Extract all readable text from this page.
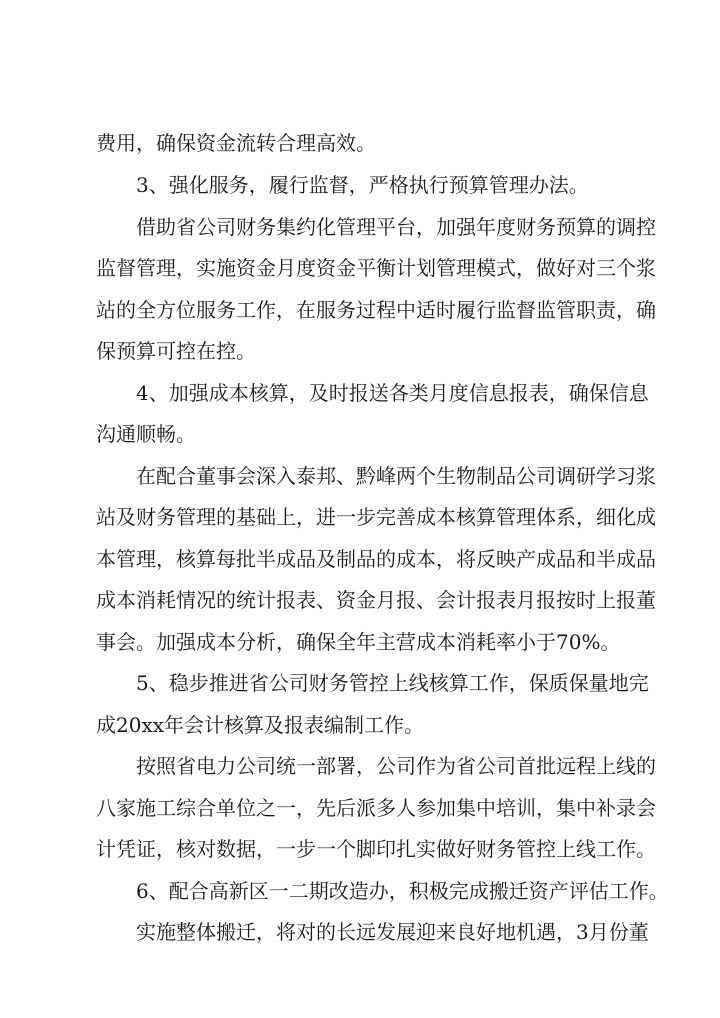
费用，确保资金流转合理高效。

3、强化服务，履行监督，严格执行预算管理办法。

借助省公司财务集约化管理平台，加强年度财务预算的调控

监督管理，实施资金月度资金平衡计划管理模式，做好对三个浆

站的全方位服务工作，在服务过程中适时履行监督监管职责，确

保预算可控在控。

4、加强成本核算，及时报送各类月度信息报表，确保信息

沟通顺畅。

在配合董事会深入泰邦、黔峰两个生物制品公司调研学习浆

站及财务管理的基础上，进一步完善成本核算管理体系，细化成

本管理，核算每批半成品及制品的成本，将反映产成品和半成品

成本消耗情况的统计报表、资金月报、会计报表月报按时上报董

事会。加强成本分析，确保全年主营成本消耗率小于70%。

5、稳步推进省公司财务管控上线核算工作，保质保量地完

成20xx年会计核算及报表编制工作。

按照省电力公司统一部署，公司作为省公司首批远程上线的

八家施工综合单位之一，先后派多人参加集中培训，集中补录会

计凭证，核对数据，一步一个脚印扎实做好财务管控上线工作。

6、配合高新区一二期改造办，积极完成搬迁资产评估工作。

实施整体搬迁，将对的长远发展迎来良好地机遇，3月份董
